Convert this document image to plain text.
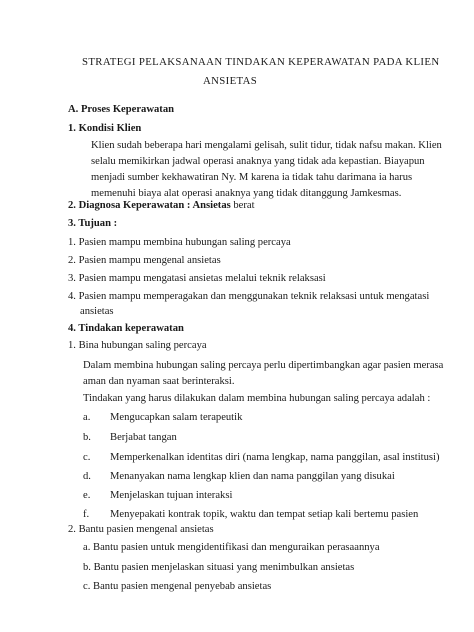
STRATEGI PELAKSANAAN TINDAKAN KEPERAWATAN PADA KLIEN
ANSIETAS
A. Proses Keperawatan
1. Kondisi Klien
Klien sudah beberapa hari mengalami gelisah, sulit tidur, tidak nafsu makan. Klien
selalu memikirkan jadwal operasi anaknya yang tidak ada kepastian. Biayapun
menjadi sumber kekhawatiran Ny. M karena ia tidak tahu darimana ia harus
memenuhi biaya alat operasi anaknya yang tidak ditanggung Jamkesmas.
2. Diagnosa Keperawatan : Ansietas berat
3. Tujuan :
1. Pasien mampu membina hubungan saling percaya
2. Pasien mampu mengenal ansietas
3. Pasien mampu mengatasi ansietas melalui teknik relaksasi
4. Pasien mampu memperagakan dan menggunakan teknik relaksasi untuk mengatasi
ansietas
4. Tindakan keperawatan
1. Bina hubungan saling percaya
Dalam membina hubungan saling percaya perlu dipertimbangkan agar pasien merasa
aman dan nyaman saat berinteraksi.
Tindakan yang harus dilakukan dalam membina hubungan saling percaya adalah :
a. Mengucapkan salam terapeutik
b. Berjabat tangan
c. Memperkenalkan identitas diri (nama lengkap, nama panggilan, asal institusi)
d. Menanyakan nama lengkap klien dan nama panggilan yang disukai
e. Menjelaskan tujuan interaksi
f. Menyepakati kontrak topik, waktu dan tempat setiap kali bertemu pasien
2. Bantu pasien mengenal ansietas
a. Bantu pasien untuk mengidentifikasi dan menguraikan perasaannya
b. Bantu pasien menjelaskan situasi yang menimbulkan ansietas
c. Bantu pasien mengenal penyebab ansietas
